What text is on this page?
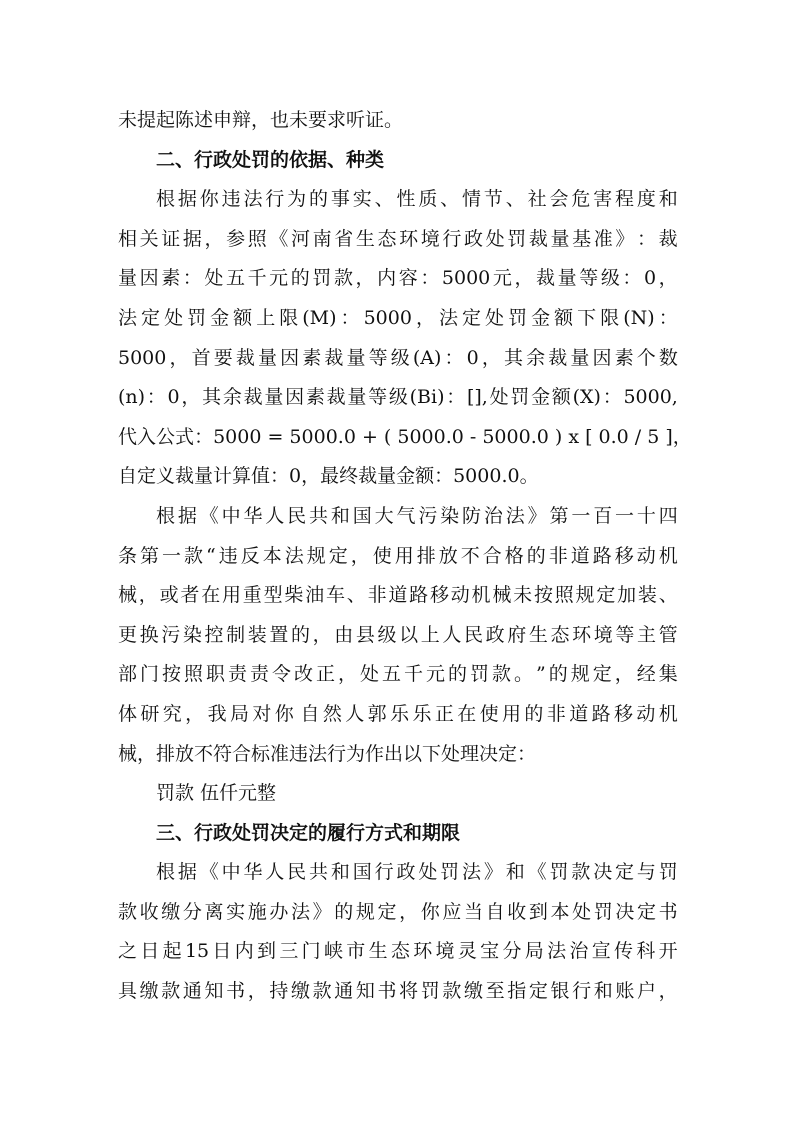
未提起陈述申辩，也未要求听证。
二、行政处罚的依据、种类
根 据 你 违 法 行 为 的 事 实 、 性 质 、 情 节 、 社 会 危 害 程 度 和
相 关 证 据 ， 参 照 《 河 南 省 生 态 环 境 行 政 处 罚 裁 量 基 准 》 ： 裁
量 因 素 ： 处 五 千 元 的 罚 款 ， 内 容 ： 5000 元 ， 裁 量 等 级 ： 0 ，
法 定 处 罚 金 额 上 限 (M) ： 5000 ， 法 定 处 罚 金 额 下 限 (N) ：
5000 ， 首 要 裁 量 因 素 裁 量 等 级 (A) ： 0 ， 其 余 裁 量 因 素 个 数
(n) ： 0 ， 其 余 裁 量 因 素 裁 量 等 级 (Bi) ： [], 处 罚 金 额 (X) ： 5000,
代 入 公 式 ： 5000 = 5000.0 + ( 5000.0 - 5000.0 ) x [ 0.0 / 5 ] ，
自定义裁量计算值：0，最终裁量金额：5000.0。
根 据 《 中 华 人 民 共 和 国 大 气 污 染 防 治 法 》 第 一 百 一 十 四
条 第 一 款 “ 违 反 本 法 规 定 ， 使 用 排 放 不 合 格 的 非 道 路 移 动 机
械 ， 或 者 在 用 重 型 柴 油 车 、 非 道 路 移 动 机 械 未 按 照 规 定 加 装 、
更 换 污 染 控 制 装 置 的 ， 由 县 级 以 上 人 民 政 府 生 态 环 境 等 主 管
部 门 按 照 职 责 责 令 改 正 ， 处 五 千 元 的 罚 款 。 ” 的 规 定 ， 经 集
体 研 究 ， 我 局 对 你 自 然 人 郭 乐 乐 正 在 使 用 的 非 道 路 移 动 机
械，排放不符合标准违法行为作出以下处理决定：
罚款 伍仟元整
三、行政处罚决定的履行方式和期限
根 据 《 中 华 人 民 共 和 国 行 政 处 罚 法 》 和 《 罚 款 决 定 与 罚
款 收 缴 分 离 实 施 办 法 》 的 规 定 ， 你 应 当 自 收 到 本 处 罚 决 定 书
之 日 起 15 日 内 到 三 门 峡 市 生 态 环 境 灵 宝 分 局 法 治 宣 传 科 开
具 缴 款 通 知 书 ， 持 缴 款 通 知 书 将 罚 款 缴 至 指 定 银 行 和 账 户 ，
